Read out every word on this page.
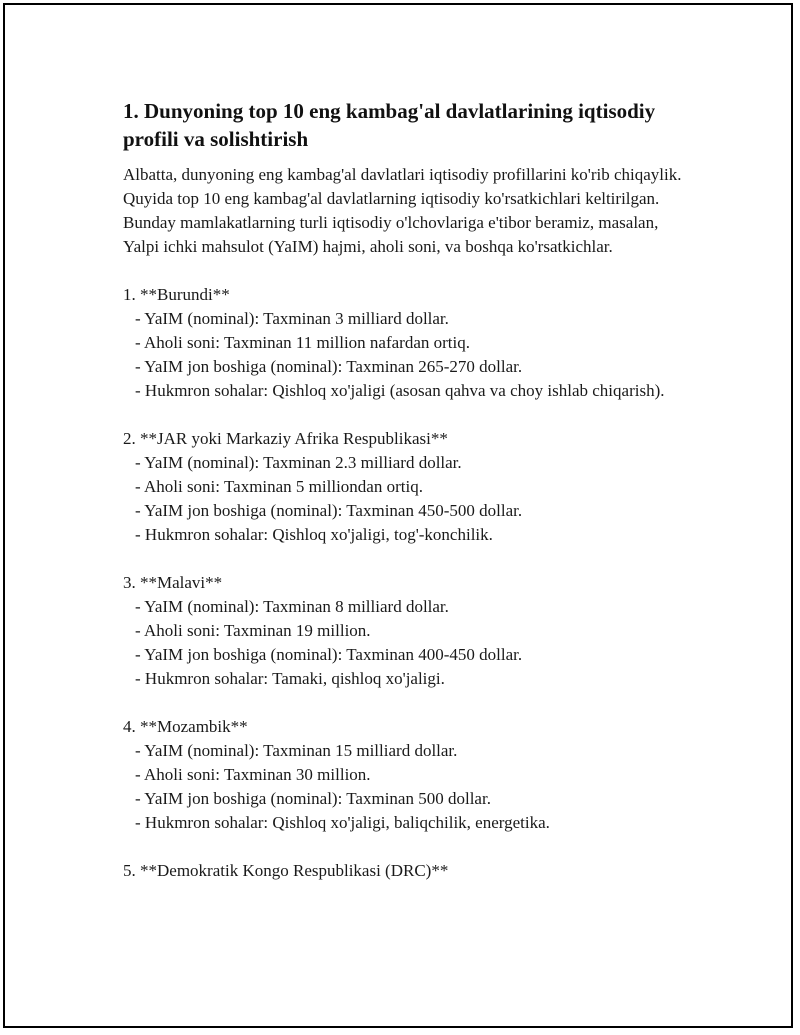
1. Dunyoning top 10 eng kambag'al davlatlarining iqtisodiy profili va solishtirish

Albatta, dunyoning eng kambag'al davlatlari iqtisodiy profillarini ko'rib chiqaylik. Quyida top 10 eng kambag'al davlatlarning iqtisodiy ko'rsatkichlari keltirilgan. Bunday mamlakatlarning turli iqtisodiy o'lchovlariga e'tibor beramiz, masalan, Yalpi ichki mahsulot (YaIM) hajmi, aholi soni, va boshqa ko'rsatkichlar.

1. **Burundi**
- YaIM (nominal): Taxminan 3 milliard dollar.
- Aholi soni: Taxminan 11 million nafardan ortiq.
- YaIM jon boshiga (nominal): Taxminan 265-270 dollar.
- Hukmron sohalar: Qishloq xo'jaligi (asosan qahva va choy ishlab chiqarish).
2. **JAR yoki Markaziy Afrika Respublikasi**
- YaIM (nominal): Taxminan 2.3 milliard dollar.
- Aholi soni: Taxminan 5 milliondan ortiq.
- YaIM jon boshiga (nominal): Taxminan 450-500 dollar.
- Hukmron sohalar: Qishloq xo'jaligi, tog'-konchilik.
3. **Malavi**
- YaIM (nominal): Taxminan 8 milliard dollar.
- Aholi soni: Taxminan 19 million.
- YaIM jon boshiga (nominal): Taxminan 400-450 dollar.
- Hukmron sohalar: Tamaki, qishloq xo'jaligi.
4. **Mozambik**
- YaIM (nominal): Taxminan 15 milliard dollar.
- Aholi soni: Taxminan 30 million.
- YaIM jon boshiga (nominal): Taxminan 500 dollar.
- Hukmron sohalar: Qishloq xo'jaligi, baliqchilik, energetika.
5. **Demokratik Kongo Respublikasi (DRC)**
